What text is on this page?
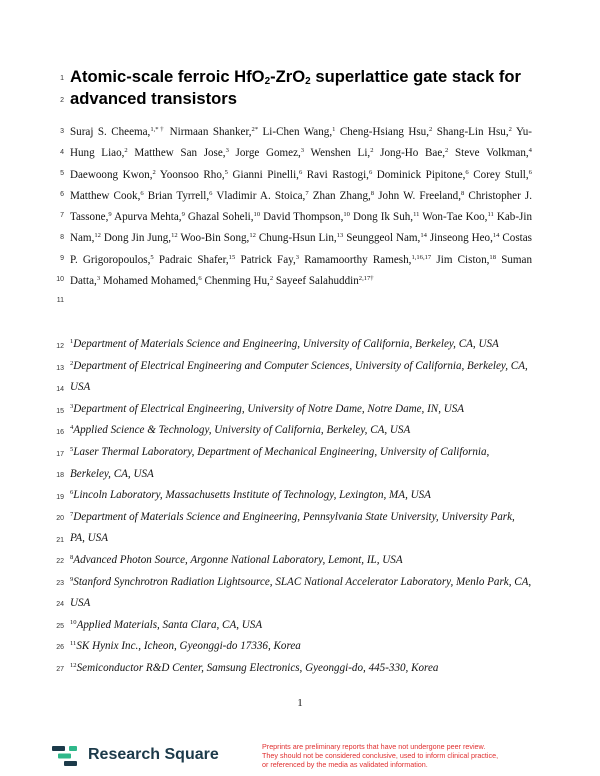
1
2
3
4
5
6
7
8
9
10
11
12
13
14
15
16
17
18
19
20
21
22
23
24
25
26
27
Atomic-scale ferroic HfO$_2$-ZrO$_2$ superlattice gate stack for
advanced transistors
Suraj S. Cheema,$^{1,*\dagger}$ Nirmaan Shanker,$^{2*}$ Li-Chen Wang,$^1$ Cheng-Hsiang Hsu,$^2$ Shang-Lin Hsu,$^2$ Yu-Hung Liao,$^2$ Matthew San Jose,$^3$ Jorge Gomez,$^3$ Wenshen Li,$^2$ Jong-Ho Bae,$^2$ Steve Volkman,$^4$ Daewoong Kwon,$^2$ Yoonsoo Rho,$^5$ Gianni Pinelli,$^6$ Ravi Rastogi,$^6$ Dominick Pipitone,$^6$ Corey Stull,$^6$ Matthew Cook,$^6$ Brian Tyrrell,$^6$ Vladimir A. Stoica,$^7$ Zhan Zhang,$^8$ John W. Freeland,$^8$ Christopher J. Tassone,$^9$ Apurva Mehta,$^9$ Ghazal Soheli,$^{10}$ David Thompson,$^{10}$ Dong Ik Suh,$^{11}$ Won-Tae Koo,$^{11}$ Kab-Jin Nam,$^{12}$ Dong Jin Jung,$^{12}$ Woo-Bin Song,$^{12}$ Chung-Hsun Lin,$^{13}$ Seunggeol Nam,$^{14}$ Jinseong Heo,$^{14}$ Costas P. Grigoropoulos,$^5$ Padraic Shafer,$^{15}$ Patrick Fay,$^3$ Ramamoorthy Ramesh,$^{1,16,17}$ Jim Ciston,$^{18}$ Suman Datta,$^3$ Mohamed Mohamed,$^6$ Chenming Hu,$^2$ Sayeef Salahuddin$^{2,17\dagger}$
$^1$Department of Materials Science and Engineering, University of California, Berkeley, CA, USA
$^2$Department of Electrical Engineering and Computer Sciences, University of California, Berkeley, CA, USA
$^3$Department of Electrical Engineering, University of Notre Dame, Notre Dame, IN, USA
$^4$Applied Science & Technology, University of California, Berkeley, CA, USA
$^5$Laser Thermal Laboratory, Department of Mechanical Engineering, University of California, Berkeley, CA, USA
$^6$Lincoln Laboratory, Massachusetts Institute of Technology, Lexington, MA, USA
$^7$Department of Materials Science and Engineering, Pennsylvania State University, University Park, PA, USA
$^8$Advanced Photon Source, Argonne National Laboratory, Lemont, IL, USA
$^9$Stanford Synchrotron Radiation Lightsource, SLAC National Accelerator Laboratory, Menlo Park, CA, USA
$^{10}$Applied Materials, Santa Clara, CA, USA
$^{11}$SK Hynix Inc., Icheon, Gyeonggi-do 17336, Korea
$^{12}$Semiconductor R&D Center, Samsung Electronics, Gyeonggi-do, 445-330, Korea
1
Research Square	Preprints are preliminary reports that have not undergone peer review.
They should not be considered conclusive, used to inform clinical practice,
or referenced by the media as validated information.
